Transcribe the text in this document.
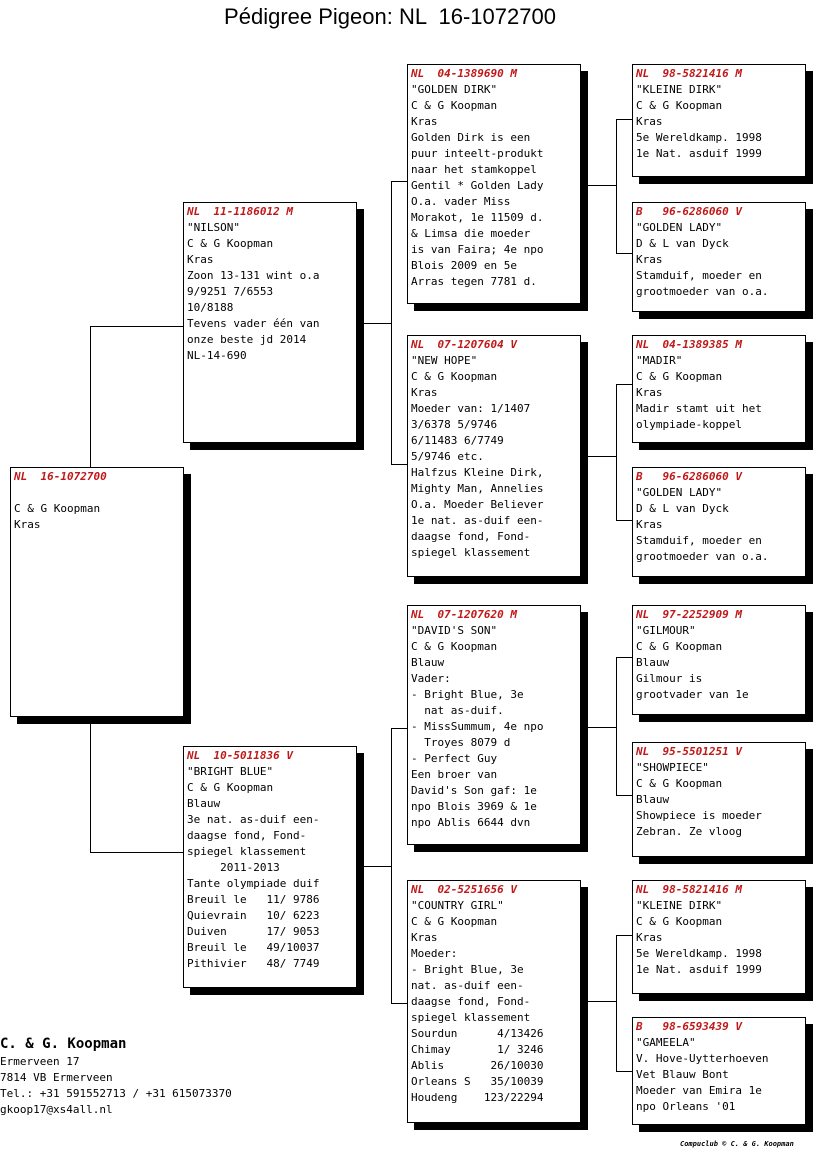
Pédigree Pigeon: NL  16-1072700
NL  16-1072700
C & G Koopman
Kras
NL  11-1186012 M
"NILSON"
C & G Koopman
Kras
Zoon 13-131 wint o.a
9/9251 7/6553
10/8188
Tevens vader één van
onze beste jd 2014
NL-14-690
NL  10-5011836 V
"BRIGHT BLUE"
C & G Koopman
Blauw
3e nat. as-duif een-
daagse fond, Fond-
spiegel klassement
2011-2013
Tante olympiade duif
Breuil le   11/ 9786
Quievrain   10/ 6223
Duiven      17/ 9053
Breuil le   49/10037
Pithivier   48/ 7749
NL  04-1389690 M
"GOLDEN DIRK"
C & G Koopman
Kras
Golden Dirk is een
puur inteelt-produkt
naar het stamkoppel
Gentil * Golden Lady
O.a. vader Miss
Morakot, 1e 11509 d.
& Limsa die moeder
is van Faira; 4e npo
Blois 2009 en 5e
Arras tegen 7781 d.
NL  07-1207604 V
"NEW HOPE"
C & G Koopman
Kras
Moeder van: 1/1407
3/6378 5/9746
6/11483 6/7749
5/9746 etc.
Halfzus Kleine Dirk,
Mighty Man, Annelies
O.a. Moeder Believer
1e nat. as-duif een-
daagse fond, Fond-
spiegel klassement
NL  07-1207620 M
"DAVID'S SON"
C & G Koopman
Blauw
Vader:
- Bright Blue, 3e
nat as-duif.
- MissSummum, 4e npo
Troyes 8079 d
- Perfect Guy
Een broer van
David's Son gaf: 1e
npo Blois 3969 & 1e
npo Ablis 6644 dvn
NL  02-5251656 V
"COUNTRY GIRL"
C & G Koopman
Kras
Moeder:
- Bright Blue, 3e
nat. as-duif een-
daagse fond, Fond-
spiegel klassement
Sourdun      4/13426
Chimay       1/ 3246
Ablis       26/10030
Orleans S   35/10039
Houdeng    123/22294
NL  98-5821416 M
"KLEINE DIRK"
C & G Koopman
Kras
5e Wereldkamp. 1998
1e Nat. asduif 1999
B   96-6286060 V
"GOLDEN LADY"
D & L van Dyck
Kras
Stamduif, moeder en
grootmoeder van o.a.
NL  04-1389385 M
"MADIR"
C & G Koopman
Kras
Madir stamt uit het
olympiade-koppel
B   96-6286060 V
"GOLDEN LADY"
D & L van Dyck
Kras
Stamduif, moeder en
grootmoeder van o.a.
NL  97-2252909 M
"GILMOUR"
C & G Koopman
Blauw
Gilmour is
grootvader van 1e
NL  95-5501251 V
"SHOWPIECE"
C & G Koopman
Blauw
Showpiece is moeder
Zebran. Ze vloog
NL  98-5821416 M
"KLEINE DIRK"
C & G Koopman
Kras
5e Wereldkamp. 1998
1e Nat. asduif 1999
B   98-6593439 V
"GAMEELA"
V. Hove-Uytterhoeven
Vet Blauw Bont
Moeder van Emira 1e
npo Orleans '01
C. & G. Koopman
Ermerveen 17
7814 VB Ermerveen
Tel.: +31 591552713 / +31 615073370
gkoop17@xs4all.nl
Compuclub © C. & G. Koopman
